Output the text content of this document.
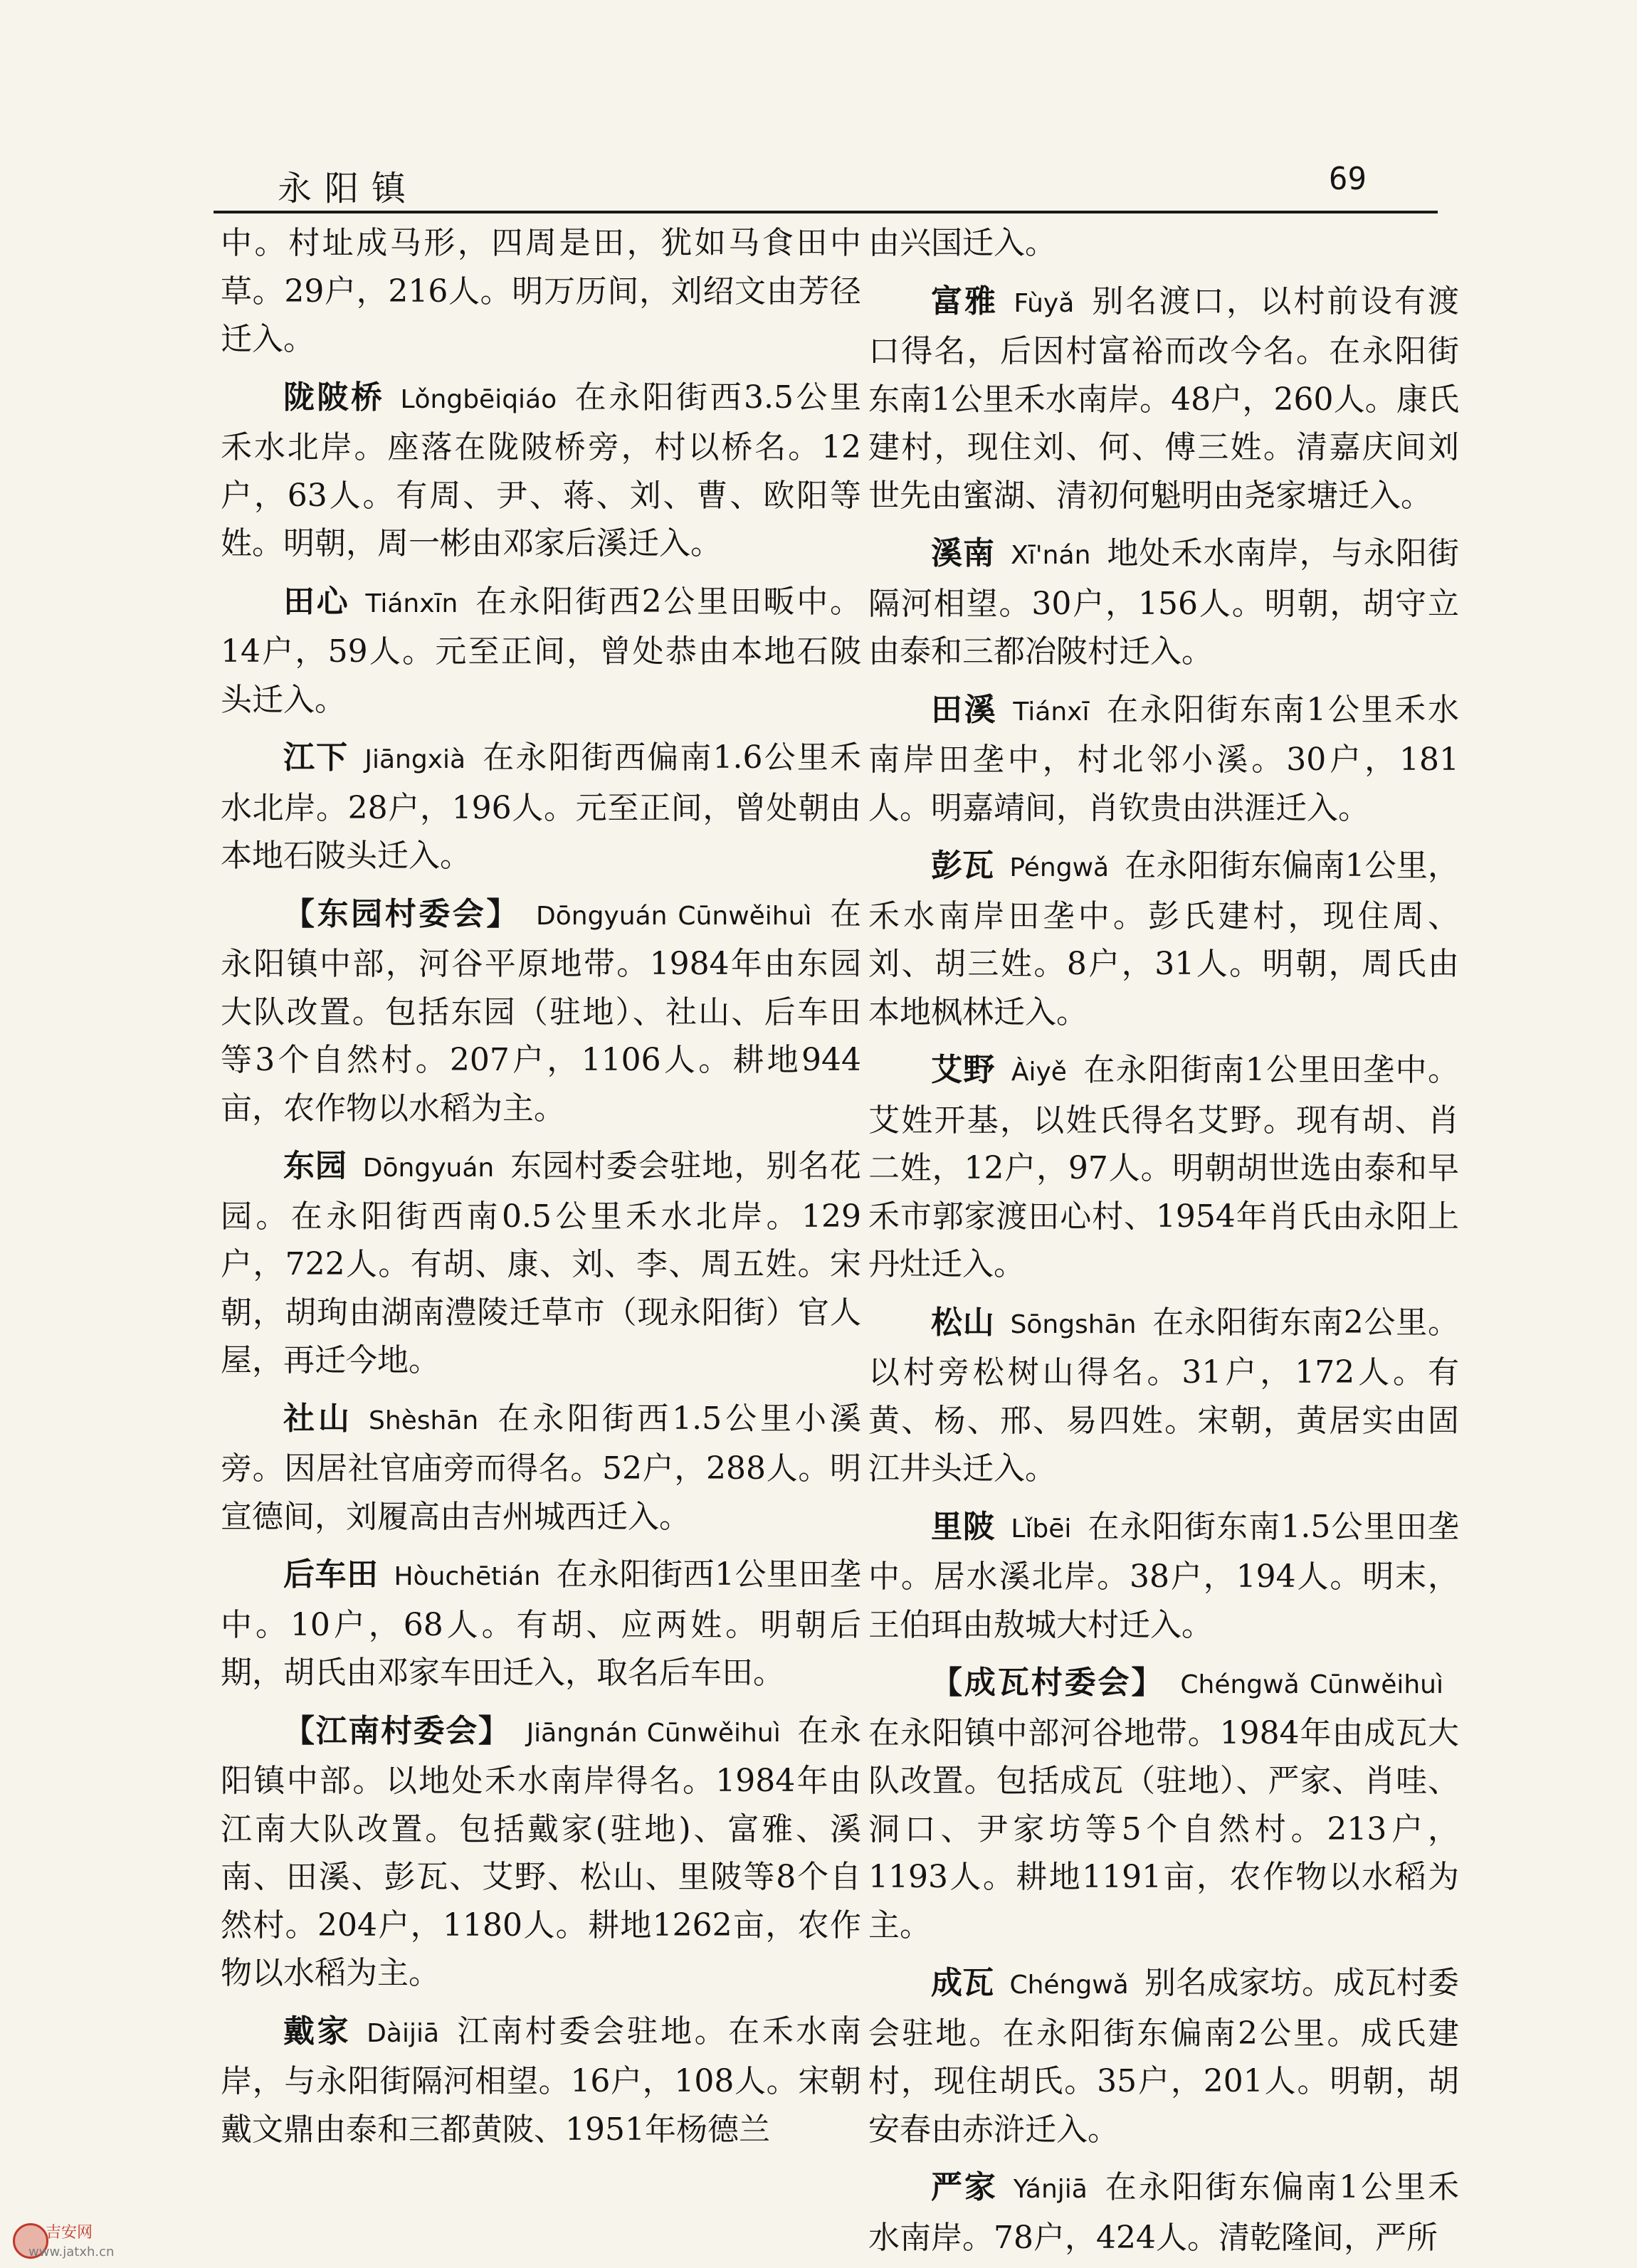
永阳镇	69

中。村址成马形，四周是田，犹如马食田中草。29户，216人。明万历间，刘绍文由芳径迁入。

陇陂桥 Lǒngbēiqiáo 在永阳街西3.5公里禾水北岸。座落在陇陂桥旁，村以桥名。12户，63人。有周、尹、蒋、刘、曹、欧阳等姓。明朝，周一彬由邓家后溪迁入。

田心 Tiánxīn 在永阳街西2公里田畈中。14户，59人。元至正间，曾处恭由本地石陂头迁入。

江下 Jiāngxià 在永阳街西偏南1.6公里禾水北岸。28户，196人。元至正间，曾处朝由本地石陂头迁入。

【东园村委会】 Dōngyuán Cūnwěihuì 在永阳镇中部，河谷平原地带。1984年由东园大队改置。包括东园（驻地）、社山、后车田等3个自然村。207户，1106人。耕地944亩，农作物以水稻为主。

东园 Dōngyuán 东园村委会驻地，别名花园。在永阳街西南0.5公里禾水北岸。129户，722人。有胡、康、刘、李、周五姓。宋朝，胡珣由湖南澧陵迁草市（现永阳街）官人屋，再迁今地。

社山 Shèshān 在永阳街西1.5公里小溪旁。因居社官庙旁而得名。52户，288人。明宣德间，刘履高由吉州城西迁入。

后车田 Hòuchētián 在永阳街西1公里田垄中。10户，68人。有胡、应两姓。明朝后期，胡氏由邓家车田迁入，取名后车田。

【江南村委会】 Jiāngnán Cūnwěihuì 在永阳镇中部。以地处禾水南岸得名。1984年由江南大队改置。包括戴家(驻地)、富雅、溪南、田溪、彭瓦、艾野、松山、里陂等8个自然村。204户，1180人。耕地1262亩，农作物以水稻为主。

戴家 Dàijiā 江南村委会驻地。在禾水南岸，与永阳街隔河相望。16户，108人。宋朝戴文鼎由泰和三都黄陂、1951年杨德兰

由兴国迁入。

富雅 Fùyǎ 别名渡口，以村前设有渡口得名，后因村富裕而改今名。在永阳街东南1公里禾水南岸。48户，260人。康氏建村，现住刘、何、傅三姓。清嘉庆间刘世先由蜜湖、清初何魁明由尧家塘迁入。

溪南 Xī'nán 地处禾水南岸，与永阳街隔河相望。30户，156人。明朝，胡守立由泰和三都冶陂村迁入。

田溪 Tiánxī 在永阳街东南1公里禾水南岸田垄中，村北邻小溪。30户，181人。明嘉靖间，肖钦贵由洪涯迁入。

彭瓦 Péngwǎ 在永阳街东偏南1公里，禾水南岸田垄中。彭氏建村，现住周、刘、胡三姓。8户，31人。明朝，周氏由本地枫林迁入。

艾野 Àiyě 在永阳街南1公里田垄中。艾姓开基，以姓氏得名艾野。现有胡、肖二姓，12户，97人。明朝胡世选由泰和早禾市郭家渡田心村、1954年肖氏由永阳上丹灶迁入。

松山 Sōngshān 在永阳街东南2公里。以村旁松树山得名。31户，172人。有黄、杨、邢、易四姓。宋朝，黄居实由固江井头迁入。

里陂 Lǐbēi 在永阳街东南1.5公里田垄中。居水溪北岸。38户，194人。明末，王伯珥由敖城大村迁入。

【成瓦村委会】 Chéngwǎ Cūnwěihuì在永阳镇中部河谷地带。1984年由成瓦大队改置。包括成瓦（驻地）、严家、肖哇、洞口、尹家坊等5个自然村。213户，1193人。耕地1191亩，农作物以水稻为主。

成瓦 Chéngwǎ 别名成家坊。成瓦村委会驻地。在永阳街东偏南2公里。成氏建村，现住胡氏。35户，201人。明朝，胡安春由赤浒迁入。

严家 Yánjiā 在永阳街东偏南1公里禾水南岸。78户，424人。清乾隆间，严所

吉安网
www.jatxh.cn
